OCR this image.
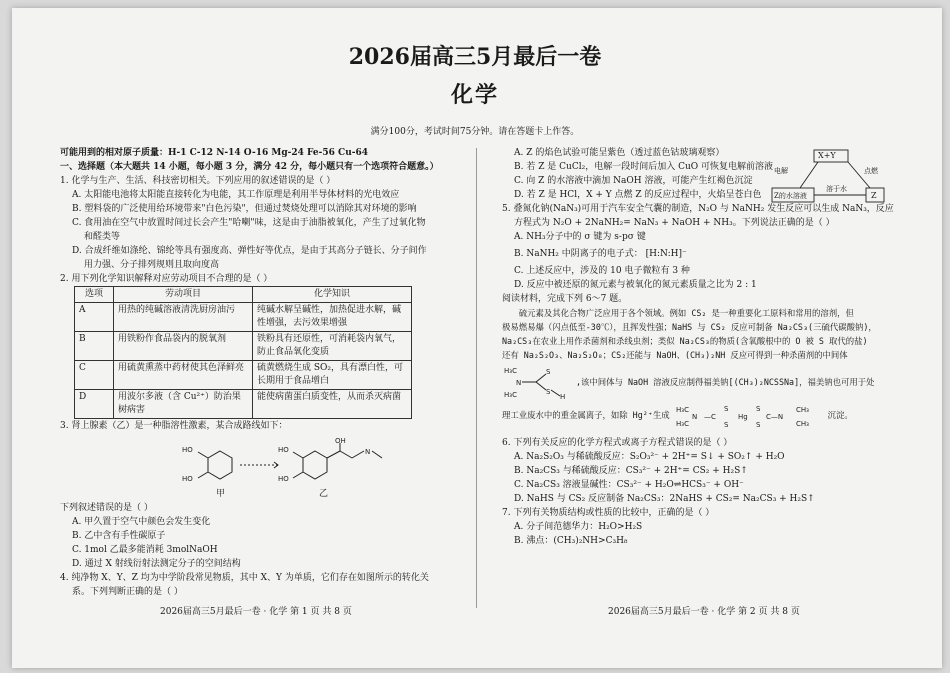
2026届高三5月最后一卷
化学
满分100分，考试时间75分钟。请在答题卡上作答。

可能用到的相对原子质量：H-1 C-12 N-14 O-16 Mg-24 Fe-56 Cu-64

一、选择题（本大题共 14 小题，每小题 3 分，满分 42 分，每小题只有一个选项符合题意。）

1. 化学与生产、生活、科技密切相关。下列应用的叙述错误的是（ ）

A. 太阳能电池将太阳能直接转化为电能，其工作原理是利用半导体材料的光电效应

B. 塑料袋的广泛使用给环境带来"白色污染"，但通过焚烧处理可以消除其对环境的影响

C. 食用油在空气中放置时间过长会产生"哈喇"味，这是由于油脂被氧化，产生了过氧化物

和醛类等

D. 合成纤维如涤纶、锦纶等具有强度高、弹性好等优点，是由于其高分子链长、分子间作

用力强、分子排列规则且取向度高

2. 用下列化学知识解释对应劳动项目不合理的是（ ）

选项	劳动项目	化学知识
A	用热的纯碱溶液清洗厨房油污	纯碱水解呈碱性，加热促进水解，碱性增强，去污效果增强
B	用铁粉作食品袋内的脱氧剂	铁粉具有还原性，可消耗袋内氧气，防止食品氧化变质
C	用硫黄熏蒸中药材使其色泽鲜亮	硫黄燃烧生成 SO₂，具有漂白性，可长期用于食品增白
D	用波尔多液（含 Cu²⁺）防治果树病害	能使病菌蛋白质变性，从而杀灭病菌

3. 肾上腺素（乙）是一种脂溶性激素，某合成路线如下：

HO
HO
HO
HO
OH
N
甲	乙

下列叙述错误的是（ ）

A. 甲久置于空气中颜色会发生变化

B. 乙中含有手性碳原子

C. 1mol 乙最多能消耗 3molNaOH

D. 通过 X 射线衍射法测定分子的空间结构

4. 纯净物 X、Y、Z 均为中学阶段常见物质，其中 X、Y 为单质，它们存在如图所示的转化关

系。下列判断正确的是（ ）

A. Z 的焰色试验可能呈紫色（透过蓝色钴玻璃观察）

B. 若 Z 是 CuCl₂，电解一段时间后加入 CuO 可恢复电解前溶液

C. 向 Z 的水溶液中滴加 NaOH 溶液，可能产生红褐色沉淀

D. 若 Z 是 HCl，X + Y 点燃 Z 的反应过程中，火焰呈苍白色

5. 叠氮化钠(NaN₃)可用于汽车安全气囊的制造，N₂O 与 NaNH₂ 发生反应可以生成 NaN₃，反应

方程式为 N₂O + 2NaNH₂= NaN₃ + NaOH + NH₃。下列说法正确的是（ ）

A. NH₃分子中的 σ 键为 s-pσ 键

B. NaNH₂ 中阴离子的电子式： [H:N:H]⁻

C. 上述反应中，涉及的 10 电子微粒有 3 种

D. 反应中被还原的氮元素与被氧化的氮元素质量之比为 2 : 1

阅读材料，完成下列 6～7 题。

硫元素及其化合物广泛应用于各个领域。例如 CS₂ 是一种重要化工原料和常用的溶剂，但

极易燃易爆（闪点低至-30℃），且挥发性强；NaHS 与 CS₂ 反应可制备 Na₂CS₃(三硫代碳酸钠)，

Na₂CS₃在农业上用作杀菌剂和杀线虫剂；类似 Na₂CS₃的物质(含氧酸根中的 O 被 S 取代的盐)

还有 Na₂S₂O₃、Na₂S₂O₈；CS₂还能与 NaOH、(CH₃)₂NH 反应可得到一种杀菌剂的中间体

H₃C
N
H₃C
S
S
H
,该中间体与 NaOH 溶液反应制得福美钠[(CH₃)₂NCSSNa]，福美钠也可用于处
理工业废水中的重金属离子，如除 Hg²⁺生成 H₃C
H₃C
N —C
S
S
Hg
S
S
C—N
CH₃
CH₃
沉淀。

6. 下列有关反应的化学方程式或离子方程式错误的是（ ）

A. Na₂S₂O₃ 与稀硫酸反应：S₂O₃²⁻ + 2H⁺= S↓ + SO₂↑ + H₂O

B. Na₂CS₃ 与稀硫酸反应：CS₃²⁻ + 2H⁺= CS₂ + H₂S↑

C. Na₂CS₃ 溶液显碱性：CS₃²⁻ + H₂O⇌HCS₃⁻ + OH⁻

D. NaHS 与 CS₂ 反应制备 Na₂CS₃：2NaHS + CS₂= Na₂CS₃ + H₂S↑

7. 下列有关物质结构或性质的比较中，正确的是（ ）

A. 分子间范德华力：H₂O>H₂S

B. 沸点：(CH₃)₂NH>C₃H₈

X+Y
电解	点燃
Z的水溶液
溶于水
Z
2026届高三5月最后一卷 · 化学 第 1 页 共 8 页	2026届高三5月最后一卷 · 化学 第 2 页 共 8 页
